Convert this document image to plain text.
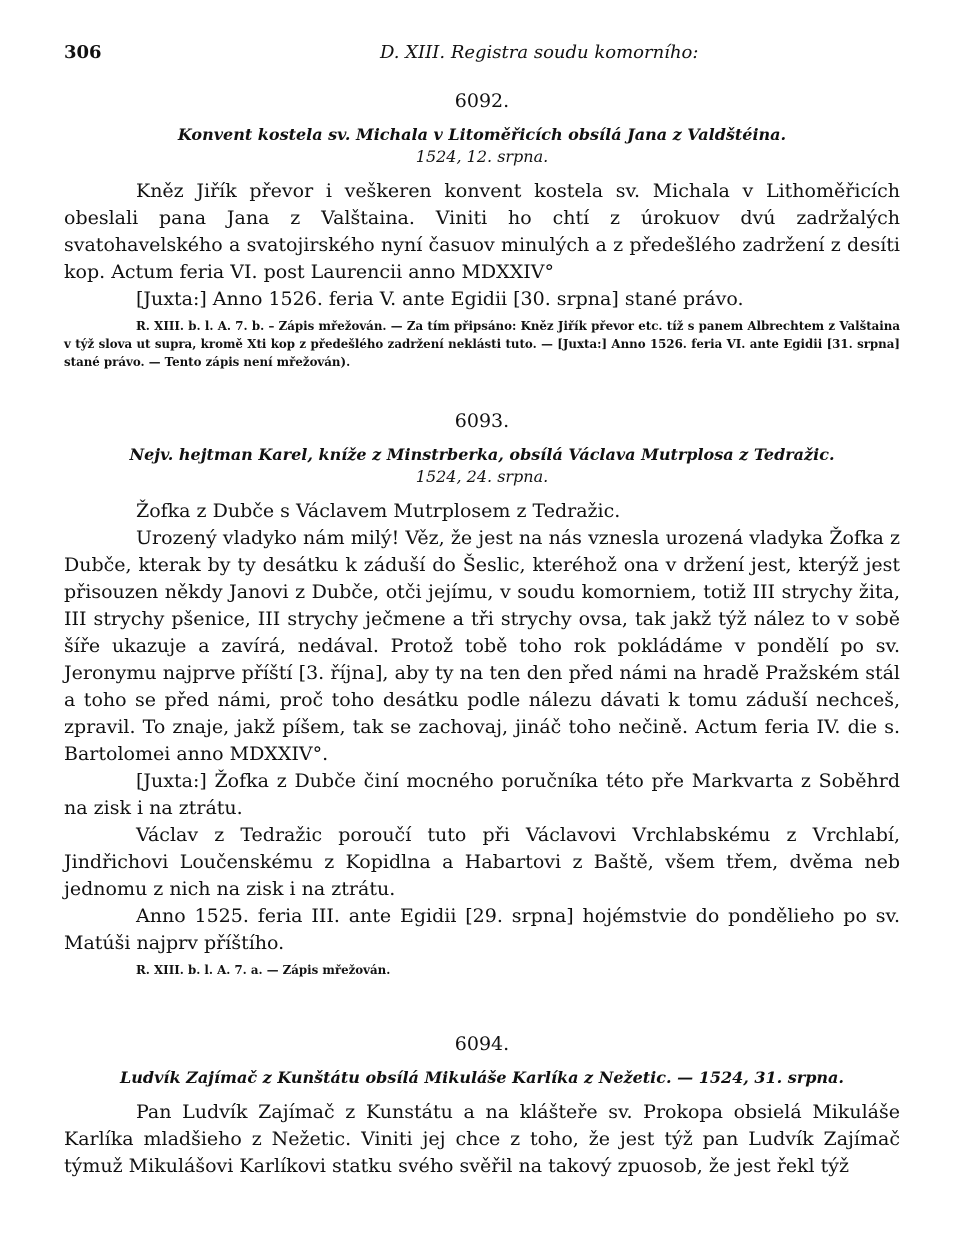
306	D. XIII. Registra soudu komorního:
6092.
Konvent kostela sv. Michala v Litoměřicích obsílá Jana z Valdštéina.
1524, 12. srpna.

Kněz Jiřík převor i veškeren konvent kostela sv. Michala v Lithoměřicích obeslali pana Jana z Valštaina. Viniti ho chtí z úrokuov dvú zadržalých svatohavelského a svatojirského nyní časuov minulých a z předešlého zadržení z desíti kop. Actum feria VI. post Laurencii anno MDXXIV°

[Juxta:] Anno 1526. feria V. ante Egidii [30. srpna] stané právo.

R. XIII. b. l. A. 7. b. – Zápis mřežován. — Za tím připsáno: Kněz Jiřík převor etc. tíž s panem Albrechtem z Valštaina v týž slova ut supra, kromě Xti kop z předešlého zadržení neklásti tuto. — [Juxta:] Anno 1526. feria VI. ante Egidii [31. srpna] stané právo. — Tento zápis není mřežován).

6093.
Nejv. hejtman Karel, kníže z Minstrberka, obsílá Václava Mutrplosa z Tedražic.
1524, 24. srpna.

Žofka z Dubče s Václavem Mutrplosem z Tedražic.

Urozený vladyko nám milý! Věz, že jest na nás vznesla urozená vladyka Žofka z Dubče, kterak by ty desátku k záduší do Šeslic, kteréhož ona v držení jest, kterýž jest přisouzen někdy Janovi z Dubče, otči jejímu, v soudu komorniem, totiž III strychy žita, III strychy pšenice, III strychy ječmene a tři strychy ovsa, tak jakž týž nález to v sobě šíře ukazuje a zavírá, nedával. Protož tobě toho rok pokládáme v pondělí po sv. Jeronymu najprve příští [3. října], aby ty na ten den před námi na hradě Pražském stál a toho se před námi, proč toho desátku podle nálezu dávati k tomu záduší nechceš, zpravil. To znaje, jakž píšem, tak se zachovaj, jináč toho nečině. Actum feria IV. die s. Bartolomei anno MDXXIV°.

[Juxta:] Žofka z Dubče činí mocného poručníka této pře Markvarta z Soběhrd na zisk i na ztrátu.

Václav z Tedražic poroučí tuto při Václavovi Vrchlabskému z Vrchlabí, Jindřichovi Loučenskému z Kopidlna a Habartovi z Baště, všem třem, dvěma neb jednomu z nich na zisk i na ztrátu.

Anno 1525. feria III. ante Egidii [29. srpna] hojémstvie do pondělieho po sv. Matúši najprv příštího.

R. XIII. b. l. A. 7. a. — Zápis mřežován.

6094.
Ludvík Zajímač z Kunštátu obsílá Mikuláše Karlíka z Nežetic. — 1524, 31. srpna.

Pan Ludvík Zajímač z Kunstátu a na klášteře sv. Prokopa obsielá Mikuláše Karlíka mladšieho z Nežetic. Viniti jej chce z toho, že jest týž pan Ludvík Zajímač týmuž Mikulášovi Karlíkovi statku svého svěřil na takový zpuosob, že jest řekl týž
